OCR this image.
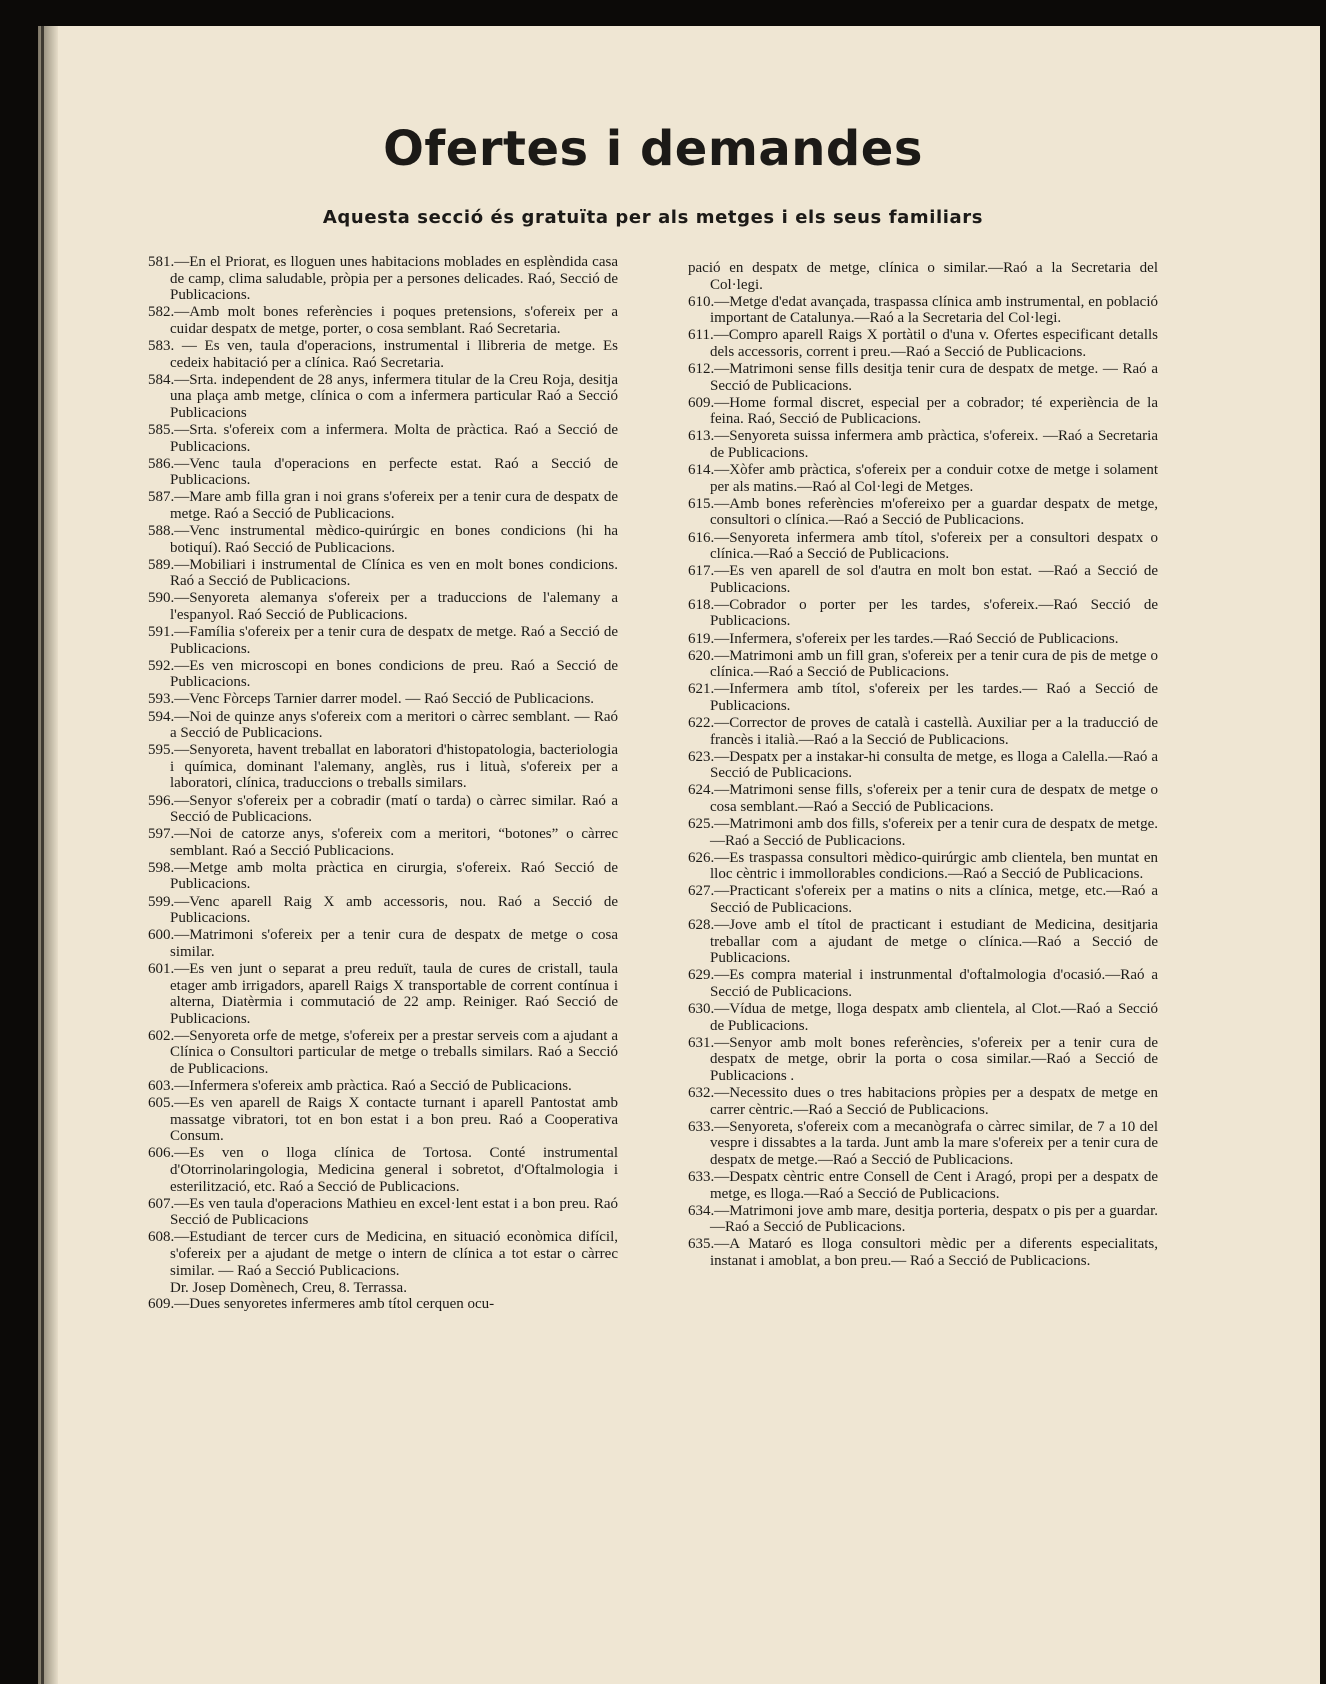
Ofertes i demandes
Aquesta secció és gratuïta per als metges i els seus familiars

581.—En el Priorat, es lloguen unes habitacions moblades en esplèndida casa de camp, clima saludable, pròpia per a persones delicades. Raó, Secció de Publicacions.

582.—Amb molt bones referències i poques pretensions, s'ofereix per a cuidar despatx de metge, porter, o cosa semblant. Raó Secretaria.

583. — Es ven, taula d'operacions, instrumental i llibreria de metge. Es cedeix habitació per a clínica. Raó Secretaria.

584.—Srta. independent de 28 anys, infermera titular de la Creu Roja, desitja una plaça amb metge, clínica o com a infermera particular Raó a Secció Publicacions

585.—Srta. s'ofereix com a infermera. Molta de pràctica. Raó a Secció de Publicacions.

586.—Venc taula d'operacions en perfecte estat. Raó a Secció de Publicacions.

587.—Mare amb filla gran i noi grans s'ofereix per a tenir cura de despatx de metge. Raó a Secció de Publicacions.

588.—Venc instrumental mèdico-quirúrgic en bones condicions (hi ha botiquí). Raó Secció de Publicacions.

589.—Mobiliari i instrumental de Clínica es ven en molt bones condicions. Raó a Secció de Publicacions.

590.—Senyoreta alemanya s'ofereix per a traduccions de l'alemany a l'espanyol. Raó Secció de Publicacions.

591.—Família s'ofereix per a tenir cura de despatx de metge. Raó a Secció de Publicacions.

592.—Es ven microscopi en bones condicions de preu. Raó a Secció de Publicacions.

593.—Venc Fòrceps Tarnier darrer model. — Raó Secció de Publicacions.

594.—Noi de quinze anys s'ofereix com a meritori o càrrec semblant. — Raó a Secció de Publicacions.

595.—Senyoreta, havent treballat en laboratori d'histopatologia, bacteriologia i química, dominant l'alemany, anglès, rus i lituà, s'ofereix per a laboratori, clínica, traduccions o treballs similars.

596.—Senyor s'ofereix per a cobradir (matí o tarda) o càrrec similar. Raó a Secció de Publicacions.

597.—Noi de catorze anys, s'ofereix com a meritori, “botones” o càrrec semblant. Raó a Secció Publicacions.

598.—Metge amb molta pràctica en cirurgia, s'ofereix. Raó Secció de Publicacions.

599.—Venc aparell Raig X amb accessoris, nou. Raó a Secció de Publicacions.

600.—Matrimoni s'ofereix per a tenir cura de despatx de metge o cosa similar.

601.—Es ven junt o separat a preu reduït, taula de cures de cristall, taula etager amb irrigadors, aparell Raigs X transportable de corrent contínua i alterna, Diatèrmia i commutació de 22 amp. Reiniger. Raó Secció de Publicacions.

602.—Senyoreta orfe de metge, s'ofereix per a prestar serveis com a ajudant a Clínica o Consultori particular de metge o treballs similars. Raó a Secció de Publicacions.

603.—Infermera s'ofereix amb pràctica. Raó a Secció de Publicacions.

605.—Es ven aparell de Raigs X contacte turnant i aparell Pantostat amb massatge vibratori, tot en bon estat i a bon preu. Raó a Cooperativa Consum.

606.—Es ven o lloga clínica de Tortosa. Conté instrumental d'Otorrinolaringologia, Medicina general i sobretot, d'Oftalmologia i esterilització, etc. Raó a Secció de Publicacions.

607.—Es ven taula d'operacions Mathieu en excel·lent estat i a bon preu. Raó Secció de Publicacions

608.—Estudiant de tercer curs de Medicina, en situació econòmica difícil, s'ofereix per a ajudant de metge o intern de clínica a tot estar o càrrec similar. — Raó a Secció Publicacions.

Dr. Josep Domènech, Creu, 8. Terrassa.

609.—Dues senyoretes infermeres amb títol cerquen ocu-

pació en despatx de metge, clínica o similar.—Raó a la Secretaria del Col·legi.

610.—Metge d'edat avançada, traspassa clínica amb instrumental, en població important de Catalunya.—Raó a la Secretaria del Col·legi.

611.—Compro aparell Raigs X portàtil o d'una v. Ofertes especificant detalls dels accessoris, corrent i preu.—Raó a Secció de Publicacions.

612.—Matrimoni sense fills desitja tenir cura de despatx de metge. — Raó a Secció de Publicacions.

609.—Home formal discret, especial per a cobrador; té experiència de la feina. Raó, Secció de Publicacions.

613.—Senyoreta suissa infermera amb pràctica, s'ofereix. —Raó a Secretaria de Publicacions.

614.—Xòfer amb pràctica, s'ofereix per a conduir cotxe de metge i solament per als matins.—Raó al Col·legi de Metges.

615.—Amb bones referències m'ofereixo per a guardar despatx de metge, consultori o clínica.—Raó a Secció de Publicacions.

616.—Senyoreta infermera amb títol, s'ofereix per a consultori despatx o clínica.—Raó a Secció de Publicacions.

617.—Es ven aparell de sol d'autra en molt bon estat. —Raó a Secció de Publicacions.

618.—Cobrador o porter per les tardes, s'ofereix.—Raó Secció de Publicacions.

619.—Infermera, s'ofereix per les tardes.—Raó Secció de Publicacions.

620.—Matrimoni amb un fill gran, s'ofereix per a tenir cura de pis de metge o clínica.—Raó a Secció de Publicacions.

621.—Infermera amb títol, s'ofereix per les tardes.— Raó a Secció de Publicacions.

622.—Corrector de proves de català i castellà. Auxiliar per a la traducció de francès i italià.—Raó a la Secció de Publicacions.

623.—Despatx per a instakar-hi consulta de metge, es lloga a Calella.—Raó a Secció de Publicacions.

624.—Matrimoni sense fills, s'ofereix per a tenir cura de despatx de metge o cosa semblant.—Raó a Secció de Publicacions.

625.—Matrimoni amb dos fills, s'ofereix per a tenir cura de despatx de metge.—Raó a Secció de Publicacions.

626.—Es traspassa consultori mèdico-quirúrgic amb clientela, ben muntat en lloc cèntric i immollorables condicions.—Raó a Secció de Publicacions.

627.—Practicant s'ofereix per a matins o nits a clínica, metge, etc.—Raó a Secció de Publicacions.

628.—Jove amb el títol de practicant i estudiant de Medicina, desitjaria treballar com a ajudant de metge o clínica.—Raó a Secció de Publicacions.

629.—Es compra material i instrunmental d'oftalmologia d'ocasió.—Raó a Secció de Publicacions.

630.—Vídua de metge, lloga despatx amb clientela, al Clot.—Raó a Secció de Publicacions.

631.—Senyor amb molt bones referències, s'ofereix per a tenir cura de despatx de metge, obrir la porta o cosa similar.—Raó a Secció de Publicacions .

632.—Necessito dues o tres habitacions pròpies per a despatx de metge en carrer cèntric.—Raó a Secció de Publicacions.

633.—Senyoreta, s'ofereix com a mecanògrafa o càrrec similar, de 7 a 10 del vespre i dissabtes a la tarda. Junt amb la mare s'ofereix per a tenir cura de despatx de metge.—Raó a Secció de Publicacions.

633.—Despatx cèntric entre Consell de Cent i Aragó, propi per a despatx de metge, es lloga.—Raó a Secció de Publicacions.

634.—Matrimoni jove amb mare, desitja porteria, despatx o pis per a guardar.—Raó a Secció de Publicacions.

635.—A Mataró es lloga consultori mèdic per a diferents especialitats, instanat i amoblat, a bon preu.— Raó a Secció de Publicacions.
